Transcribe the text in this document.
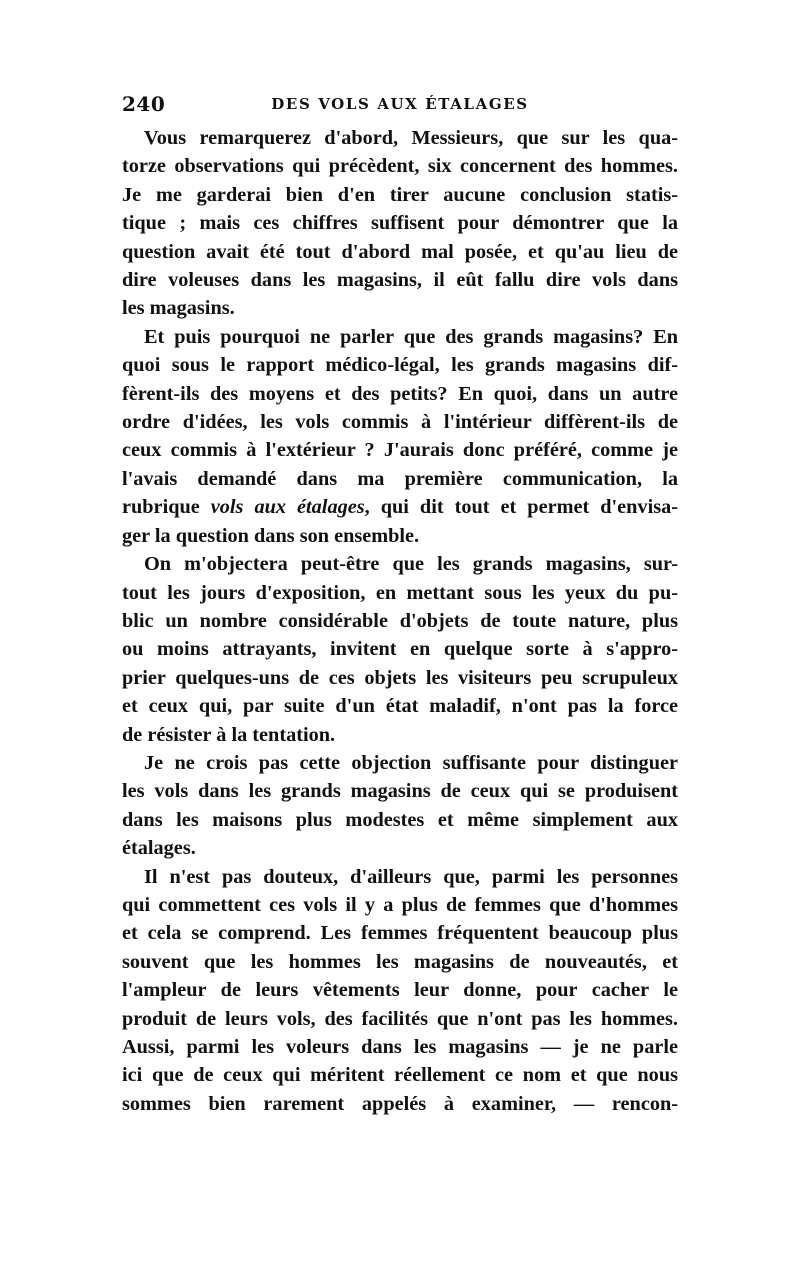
240	DES VOLS AUX ÉTALAGES

Vous remarquerez d'abord, Messieurs, que sur les qua-
torze observations qui précèdent, six concernent des hommes.
Je me garderai bien d'en tirer aucune conclusion statis-
tique ; mais ces chiffres suffisent pour démontrer que la
question avait été tout d'abord mal posée, et qu'au lieu de
dire voleuses dans les magasins, il eût fallu dire vols dans
les magasins.

Et puis pourquoi ne parler que des grands magasins? En
quoi sous le rapport médico-légal, les grands magasins dif-
fèrent-ils des moyens et des petits? En quoi, dans un autre
ordre d'idées, les vols commis à l'intérieur diffèrent-ils de
ceux commis à l'extérieur ? J'aurais donc préféré, comme je
l'avais demandé dans ma première communication, la
rubrique vols aux étalages, qui dit tout et permet d'envisa-
ger la question dans son ensemble.

On m'objectera peut-être que les grands magasins, sur-
tout les jours d'exposition, en mettant sous les yeux du pu-
blic un nombre considérable d'objets de toute nature, plus
ou moins attrayants, invitent en quelque sorte à s'appro-
prier quelques-uns de ces objets les visiteurs peu scrupuleux
et ceux qui, par suite d'un état maladif, n'ont pas la force
de résister à la tentation.

Je ne crois pas cette objection suffisante pour distinguer
les vols dans les grands magasins de ceux qui se produisent
dans les maisons plus modestes et même simplement aux
étalages.

Il n'est pas douteux, d'ailleurs que, parmi les personnes
qui commettent ces vols il y a plus de femmes que d'hommes
et cela se comprend. Les femmes fréquentent beaucoup plus
souvent que les hommes les magasins de nouveautés, et
l'ampleur de leurs vêtements leur donne, pour cacher le
produit de leurs vols, des facilités que n'ont pas les hommes.
Aussi, parmi les voleurs dans les magasins — je ne parle
ici que de ceux qui méritent réellement ce nom et que nous
sommes bien rarement appelés à examiner, — rencon-
